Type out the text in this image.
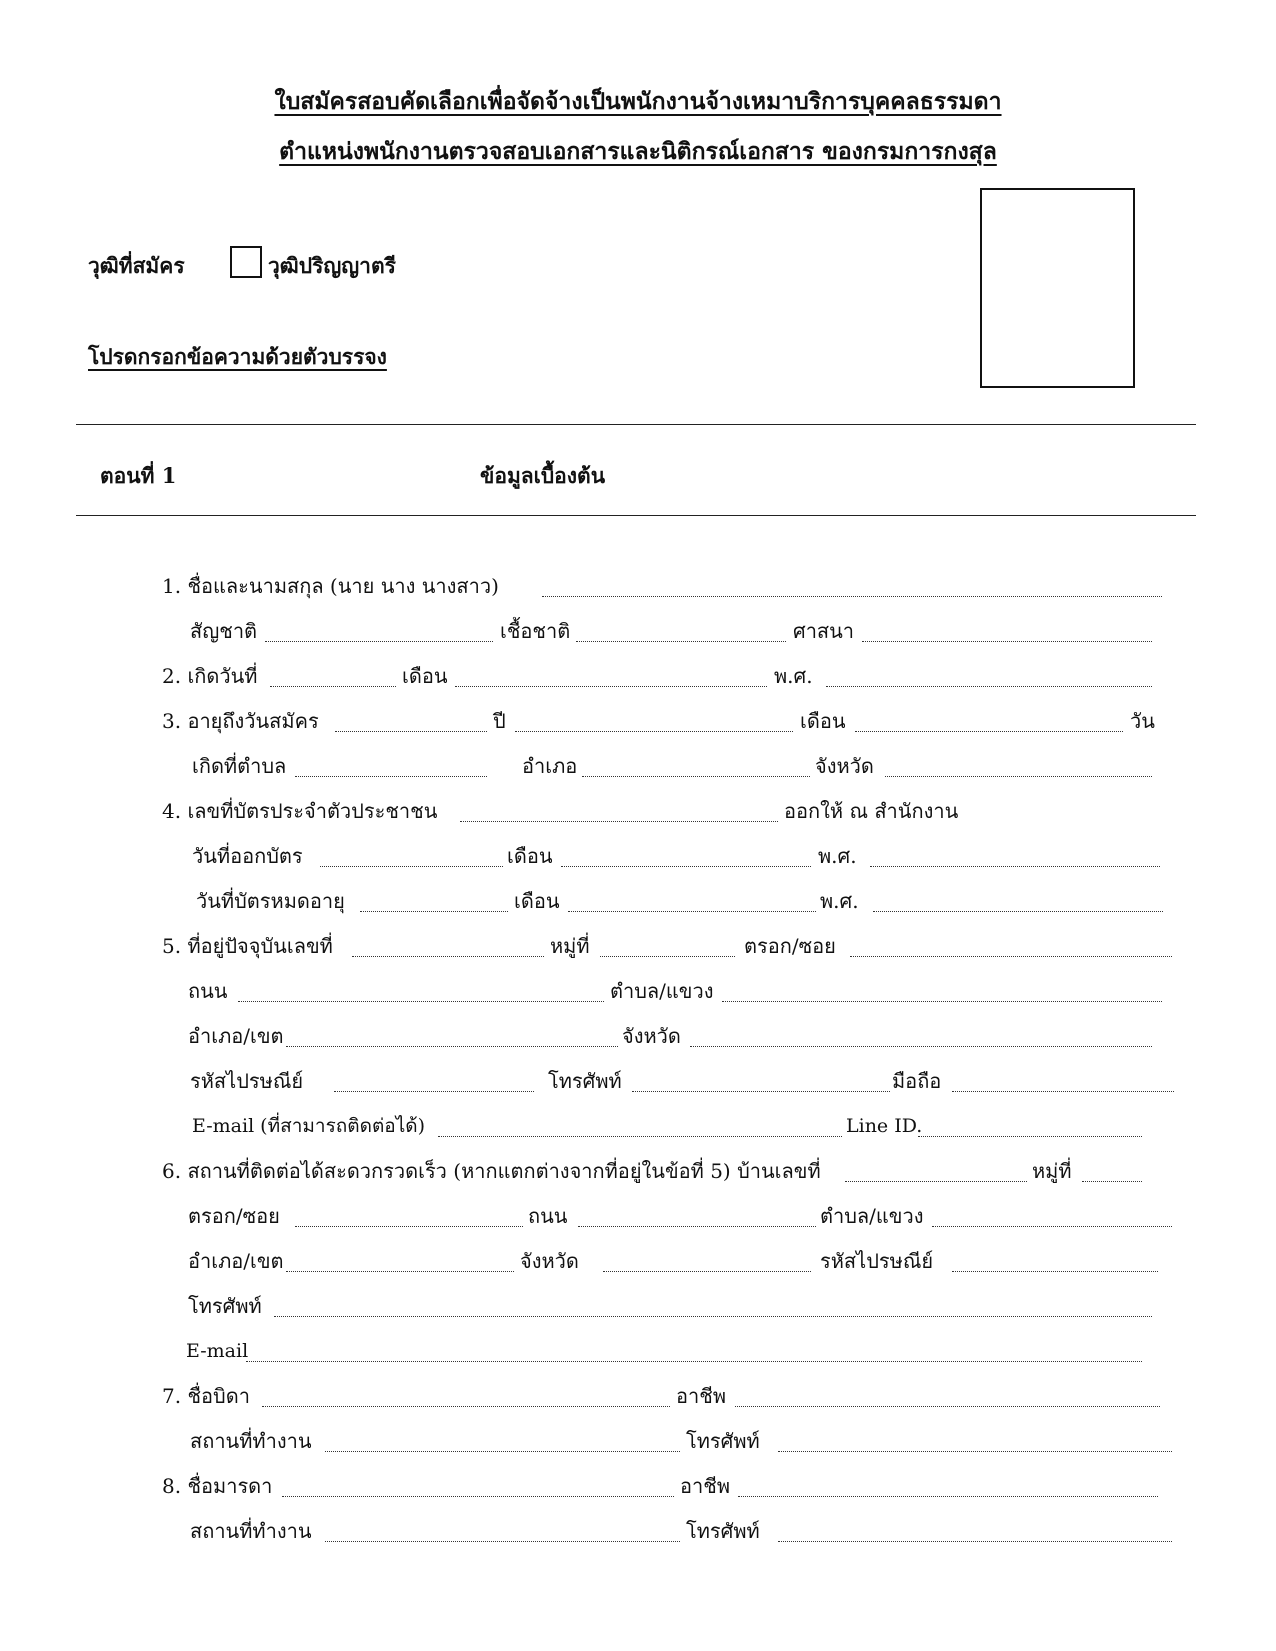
ใบสมัครสอบคัดเลือกเพื่อจัดจ้างเป็นพนักงานจ้างเหมาบริการบุคคลธรรมดา
ตำแหน่งพนักงานตรวจสอบเอกสารและนิติกรณ์เอกสาร ของกรมการกงสุล
วุฒิที่สมัคร	วุฒิปริญญาตรี
โปรดกรอกข้อความด้วยตัวบรรจง
ตอนที่ 1	ข้อมูลเบื้องต้น
1. ชื่อและนามสกุล (นาย นาง นางสาว)
สัญชาติ	เชื้อชาติ	ศาสนา
2. เกิดวันที่	เดือน	พ.ศ.
3. อายุถึงวันสมัคร	ปี	เดือน	วัน
เกิดที่ตำบล	อำเภอ	จังหวัด
4. เลขที่บัตรประจำตัวประชาชน	ออกให้ ณ สำนักงาน
วันที่ออกบัตร	เดือน	พ.ศ.
วันที่บัตรหมดอายุ	เดือน	พ.ศ.
5. ที่อยู่ปัจจุบันเลขที่	หมู่ที่	ตรอก/ซอย
ถนน	ตำบล/แขวง
อำเภอ/เขต	จังหวัด
รหัสไปรษณีย์	โทรศัพท์	มือถือ
E-mail (ที่สามารถติดต่อได้)	Line ID.
6. สถานที่ติดต่อได้สะดวกรวดเร็ว (หากแตกต่างจากที่อยู่ในข้อที่ 5) บ้านเลขที่	หมู่ที่
ตรอก/ซอย	ถนน	ตำบล/แขวง
อำเภอ/เขต	จังหวัด	รหัสไปรษณีย์
โทรศัพท์
E-mail
7. ชื่อบิดา	อาชีพ
สถานที่ทำงาน	โทรศัพท์
8. ชื่อมารดา	อาชีพ
สถานที่ทำงาน	โทรศัพท์
